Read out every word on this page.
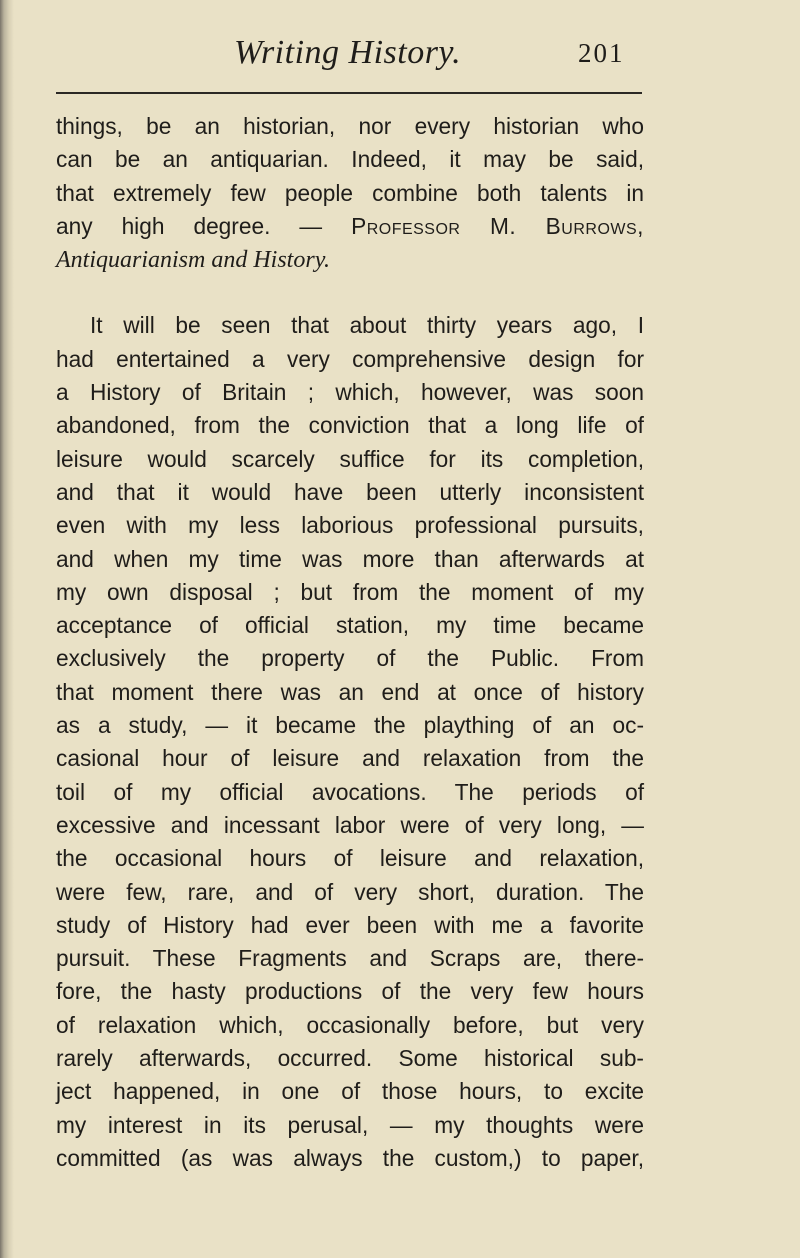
Writing History.	201
things, be an historian, nor every historian who
can be an antiquarian. Indeed, it may be said,
that extremely few people combine both talents in
any high degree. — Professor M. Burrows,
Antiquarianism and History.
It will be seen that about thirty years ago, I
had entertained a very comprehensive design for
a History of Britain ; which, however, was soon
abandoned, from the conviction that a long life of
leisure would scarcely suffice for its completion,
and that it would have been utterly inconsistent
even with my less laborious professional pursuits,
and when my time was more than afterwards at
my own disposal ; but from the moment of my
acceptance of official station, my time became
exclusively the property of the Public. From
that moment there was an end at once of history
as a study, — it became the plaything of an oc-
casional hour of leisure and relaxation from the
toil of my official avocations. The periods of
excessive and incessant labor were of very long, —
the occasional hours of leisure and relaxation,
were few, rare, and of very short, duration. The
study of History had ever been with me a favorite
pursuit. These Fragments and Scraps are, there-
fore, the hasty productions of the very few hours
of relaxation which, occasionally before, but very
rarely afterwards, occurred. Some historical sub-
ject happened, in one of those hours, to excite
my interest in its perusal, — my thoughts were
committed (as was always the custom,) to paper,
